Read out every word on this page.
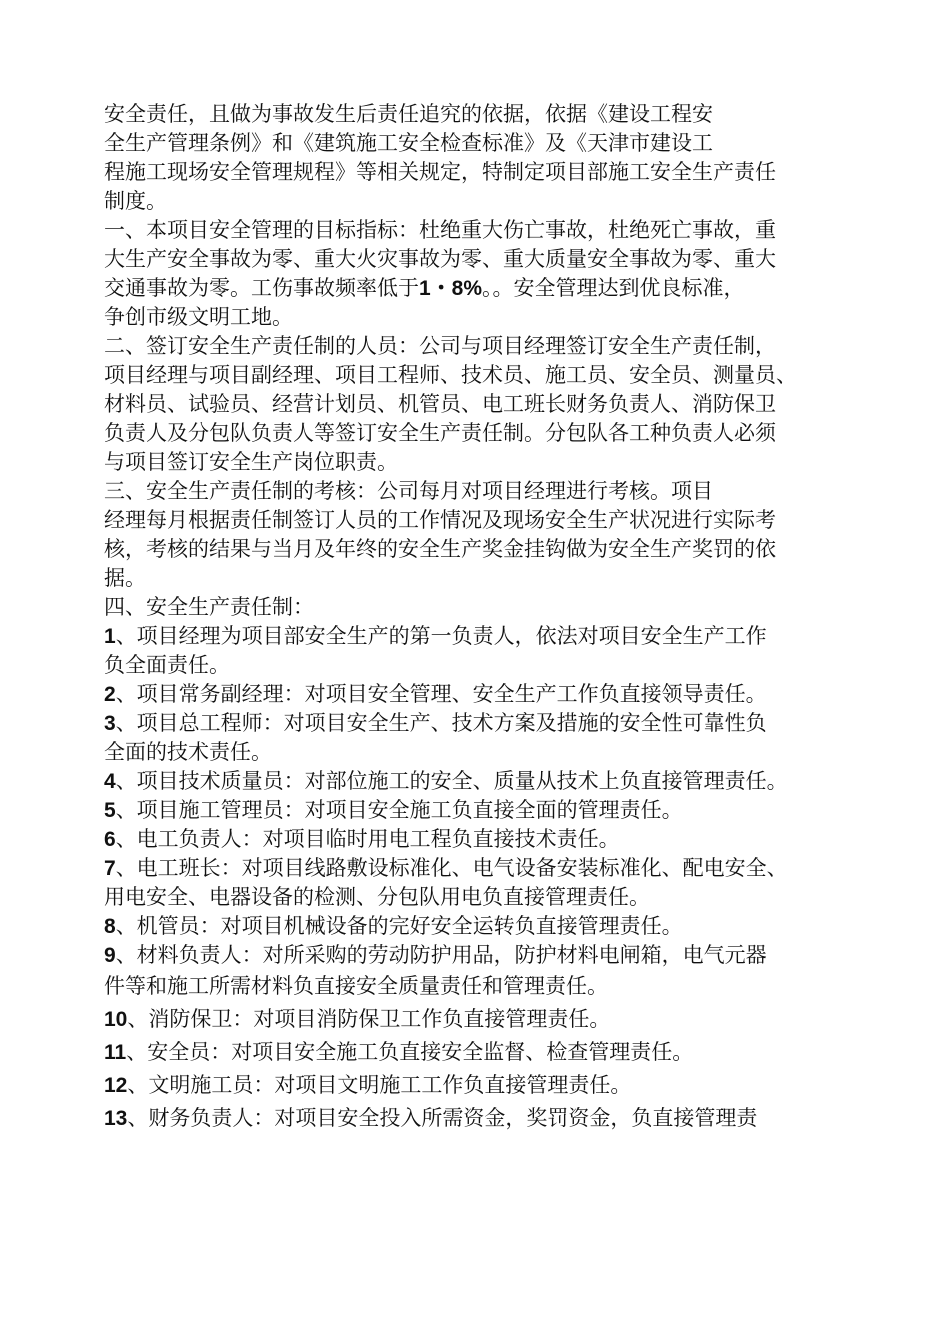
安全责任，且做为事故发生后责任追究的依据，依据《建设工程安
全生产管理条例》和《建筑施工安全检查标准》及《天津市建设工
程施工现场安全管理规程》等相关规定，特制定项目部施工安全生产责任
制度。
一、本项目安全管理的目标指标：杜绝重大伤亡事故，杜绝死亡事故，重
大生产安全事故为零、重大火灾事故为零、重大质量安全事故为零、重大
交通事故为零。工伤事故频率低于1・8%。。安全管理达到优良标准，
争创市级文明工地。
二、签订安全生产责任制的人员：公司与项目经理签订安全生产责任制，
项目经理与项目副经理、项目工程师、技术员、施工员、安全员、测量员、
材料员、试验员、经营计划员、机管员、电工班长财务负责人、消防保卫
负责人及分包队负责人等签订安全生产责任制。分包队各工种负责人必须
与项目签订安全生产岗位职责。
三、安全生产责任制的考核：公司每月对项目经理进行考核。项目
经理每月根据责任制签订人员的工作情况及现场安全生产状况进行实际考
核，考核的结果与当月及年终的安全生产奖金挂钩做为安全生产奖罚的依
据。
四、安全生产责任制：
1、项目经理为项目部安全生产的第一负责人，依法对项目安全生产工作
负全面责任。
2、项目常务副经理：对项目安全管理、安全生产工作负直接领导责任。
3、项目总工程师：对项目安全生产、技术方案及措施的安全性可靠性负
全面的技术责任。
4、项目技术质量员：对部位施工的安全、质量从技术上负直接管理责任。
5、项目施工管理员：对项目安全施工负直接全面的管理责任。
6、电工负责人：对项目临时用电工程负直接技术责任。
7、电工班长：对项目线路敷设标准化、电气设备安装标准化、配电安全、
用电安全、电器设备的检测、分包队用电负直接管理责任。
8、机管员：对项目机械设备的完好安全运转负直接管理责任。
9、材料负责人：对所采购的劳动防护用品，防护材料电闸箱，电气元器
件等和施工所需材料负直接安全质量责任和管理责任。
10、消防保卫：对项目消防保卫工作负直接管理责任。
11、安全员：对项目安全施工负直接安全监督、检查管理责任。
12、文明施工员：对项目文明施工工作负直接管理责任。
13、财务负责人：对项目安全投入所需资金，奖罚资金，负直接管理责
